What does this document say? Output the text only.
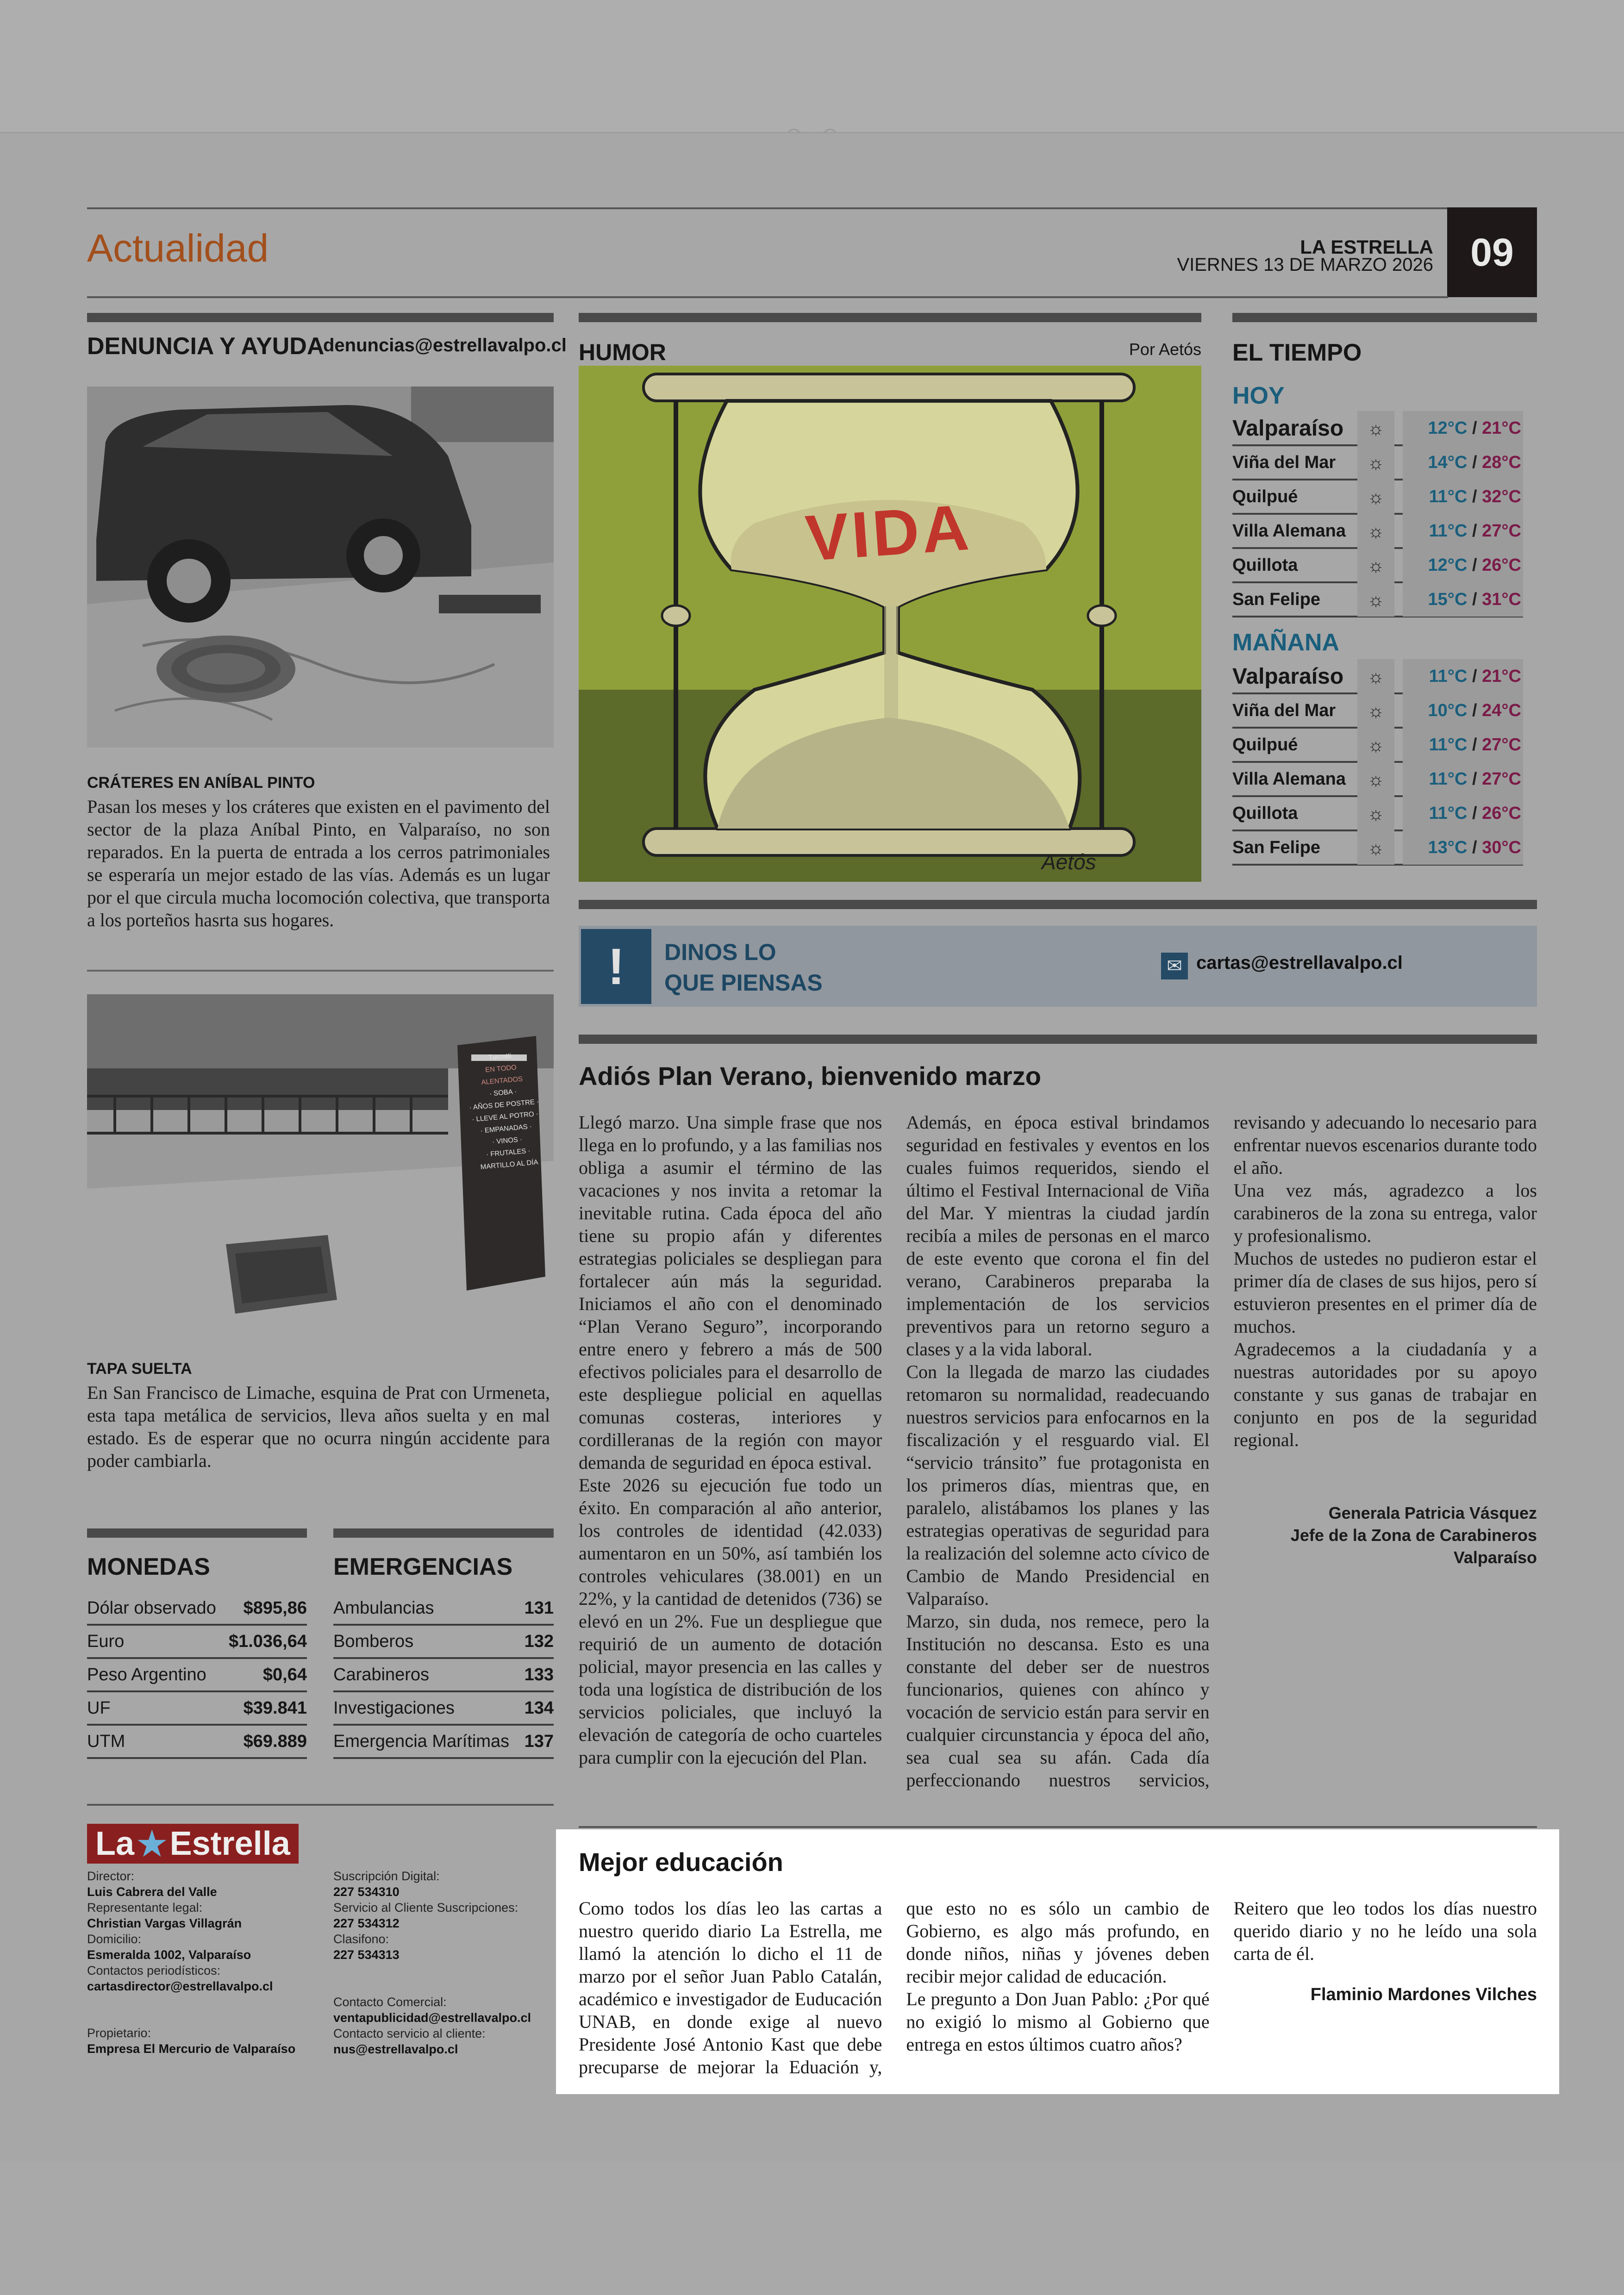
Actualidad	LA ESTRELLA
VIERNES 13 DE MARZO 2026 09
DENUNCIA Y AYUDA
denuncias@estrellavalpo.cl
CRÁTERES EN ANÍBAL PINTO
Pasan los meses y los cráteres que existen en el pavimento del sector de la plaza Aníbal Pinto, en Valparaíso, no son reparados. En la puerta de entrada a los cerros patrimoniales se esperaría un mejor estado de las vías. Además es un lugar por el que circula mucha locomoción colectiva, que transporta a los porteños hasrta sus hogares.
Turcotti
EN TODO ALENTADOS
· SOBA ·
· AÑOS DE POSTRE ·
· LLEVE AL POTRO ·
· EMPANADAS ·
· VINOS ·
· FRUTALES ·
MARTILLO AL DÍA
TAPA SUELTA
En San Francisco de Limache, esquina de Prat con Urmeneta, esta tapa metálica de servicios, lleva años suelta y en mal estado. Es de esperar que no ocurra ningún accidente para poder cambiarla.
HUMOR	Por Aetós
VIDA
Aetós
EL TIEMPO
HOY
Valparaíso	☼	12°C / 21°C
Viña del Mar	☼	14°C / 28°C
Quilpué	☼	11°C / 32°C
Villa Alemana	☼	11°C / 27°C
Quillota	☼	12°C / 26°C
San Felipe	☼	15°C / 31°C
MAÑANA
Valparaíso	☼	11°C / 21°C
Viña del Mar	☼	10°C / 24°C
Quilpué	☼	11°C / 27°C
Villa Alemana	☼	11°C / 27°C
Quillota	☼	11°C / 26°C
San Felipe	☼	13°C / 30°C
!	DINOS LO
QUE PIENSAS
✉ cartas@estrellavalpo.cl
Adiós Plan Verano, bienvenido marzo

Llegó marzo. Una simple frase que nos llega en lo profundo, y a las familias nos obliga a asumir el término de las vacaciones y nos invita a retomar la inevitable rutina. Cada época del año tiene su propio afán y diferentes estrategias policiales se despliegan para fortalecer aún más la seguridad. Iniciamos el año con el denominado “Plan Verano Seguro”, incorporando entre enero y febrero a más de 500 efectivos policiales para el desarrollo de este despliegue policial en aquellas comunas costeras, interiores y cordilleranas de la región con mayor demanda de seguridad en época estival.

Este 2026 su ejecución fue todo un éxito. En comparación al año anterior, los controles de identidad (42.033) aumentaron en un 50%, así también los controles vehiculares (38.001) en un 22%, y la cantidad de detenidos (736) se elevó en un 2%. Fue un despliegue que requirió de un aumento de dotación policial, mayor presencia en las calles y toda una logística de distribución de los servicios policiales, que incluyó la elevación de categoría de ocho cuarteles para cumplir con la ejecución del Plan.

Además, en época estival brindamos seguridad en festivales y eventos en los cuales fuimos requeridos, siendo el último el Festival Internacional de Viña del Mar. Y mientras la ciudad jardín recibía a miles de personas en el marco de este evento que corona el fin del verano, Carabineros preparaba la implementación de los servicios preventivos para un retorno seguro a clases y a la vida laboral.

Con la llegada de marzo las ciudades retomaron su normalidad, readecuando nuestros servicios para enfocarnos en la fiscalización y el resguardo vial. El “servicio tránsito” fue protagonista en los primeros días, mientras que, en paralelo, alistábamos los planes y las estrategias operativas de seguridad para la realización del solemne acto cívico de Cambio de Mando Presidencial en Valparaíso.

Marzo, sin duda, nos remece, pero la Institución no descansa. Esto es una constante del deber ser de nuestros funcionarios, quienes con ahínco y vocación de servicio están para servir en cualquier circunstancia y época del año, sea cual sea su afán. Cada día perfeccionando nuestros servicios, revisando y adecuando lo necesario para enfrentar nuevos escenarios durante todo el año.

Una vez más, agradezco a los carabineros de la zona su entrega, valor y profesionalismo.

Muchos de ustedes no pudieron estar el primer día de clases de sus hijos, pero sí estuvieron presentes en el primer día de muchos.

Agradecemos a la ciudadanía y a nuestras autoridades por su apoyo constante y sus ganas de trabajar en conjunto en pos de la seguridad regional.

Generala Patricia Vásquez
Jefe de la Zona de Carabineros
Valparaíso
Mejor educación

Como todos los días leo las cartas a nuestro querido diario La Estrella, me llamó la atención lo dicho el 11 de marzo por el señor Juan Pablo Catalán, académico e investigador de Euducación UNAB, en donde exige al nuevo Presidente José Antonio Kast que debe precuparse de mejorar la Eduación y, que esto no es sólo un cambio de Gobierno, es algo más profundo, en donde niños, niñas y jóvenes deben recibir mejor calidad de educación.

Le pregunto a Don Juan Pablo: ¿Por qué no exigió lo mismo al Gobierno que entrega en estos últimos cuatro años?

Reitero que leo todos los días nuestro querido diario y no he leído una sola carta de él.

Flaminio Mardones Vilches
MONEDAS
Dólar observado $895,86
Euro	$1.036,64
Peso Argentino	$0,64
UF	$39.841
UTM	$69.889
EMERGENCIAS
Ambulancias	131
Bomberos	132
Carabineros	133
Investigaciones	134
Emergencia Marítimas 137
La ★ Estrella
Director:
Luis Cabrera del Valle
Representante legal:
Christian Vargas Villagrán
Domicilio:
Esmeralda 1002, Valparaíso
Contactos periodísticos:
cartasdirector@estrellavalpo.cl
Propietario:
Empresa El Mercurio de Valparaíso
Suscripción Digital:
227 534310
Servicio al Cliente Suscripciones:
227 534312
Clasifono:
227 534313
Contacto Comercial:
ventapublicidad@estrellavalpo.cl
Contacto servicio al cliente:
nus@estrellavalpo.cl
